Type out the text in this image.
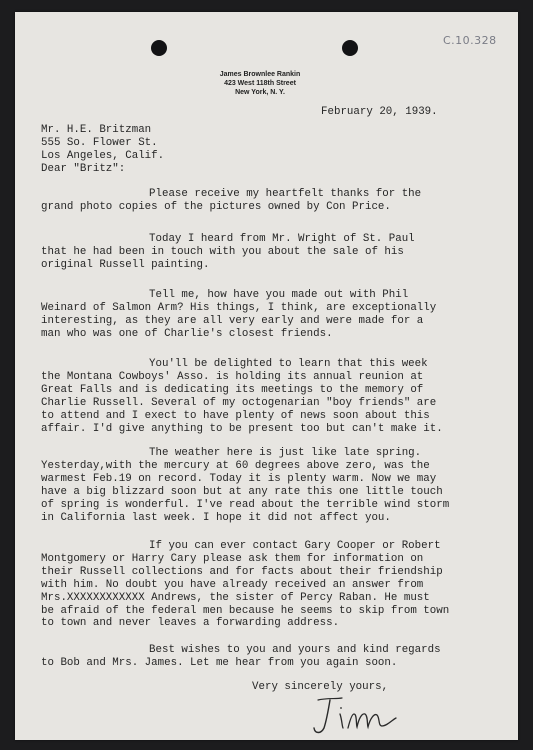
C.10.328
James Brownlee Rankin
423 West 118th Street
New York, N. Y.
February 20, 1939.
Mr. H.E. Britzman
555 So. Flower St.
Los Angeles, Calif.
Dear "Britz":
Please receive my heartfelt thanks for the
grand photo copies of the pictures owned by Con Price.
Today I heard from Mr. Wright of St. Paul
that he had been in touch with you about the sale of his
original Russell painting.
Tell me, how have you made out with Phil
Weinard of Salmon Arm? His things, I think, are exceptionally
interesting, as they are all very early and were made for a
man who was one of Charlie's closest friends.
You'll be delighted to learn that this week
the Montana Cowboys' Asso. is holding its annual reunion at
Great Falls and is dedicating its meetings to the memory of
Charlie Russell. Several of my octogenarian "boy friends" are
to attend and I exect to have plenty of news soon about this
affair. I'd give anything to be present too but can't make it.
The weather here is just like late spring.
Yesterday,with the mercury at 60 degrees above zero, was the
warmest Feb.19 on record. Today it is plenty warm. Now we may
have a big blizzard soon but at any rate this one little touch
of spring is wonderful. I've read about the terrible wind storm
in California last week. I hope it did not affect you.
If you can ever contact Gary Cooper or Robert
Montgomery or Harry Cary please ask them for information on
their Russell collections and for facts about their friendship
with him. No doubt you have already received an answer from
Mrs.XXXXXXXXXXXX Andrews, the sister of Percy Raban. He must
be afraid of the federal men because he seems to skip from town
to town and never leaves a forwarding address.
Best wishes to you and yours and kind regards
to Bob and Mrs. James. Let me hear from you again soon.
Very sincerely yours,
